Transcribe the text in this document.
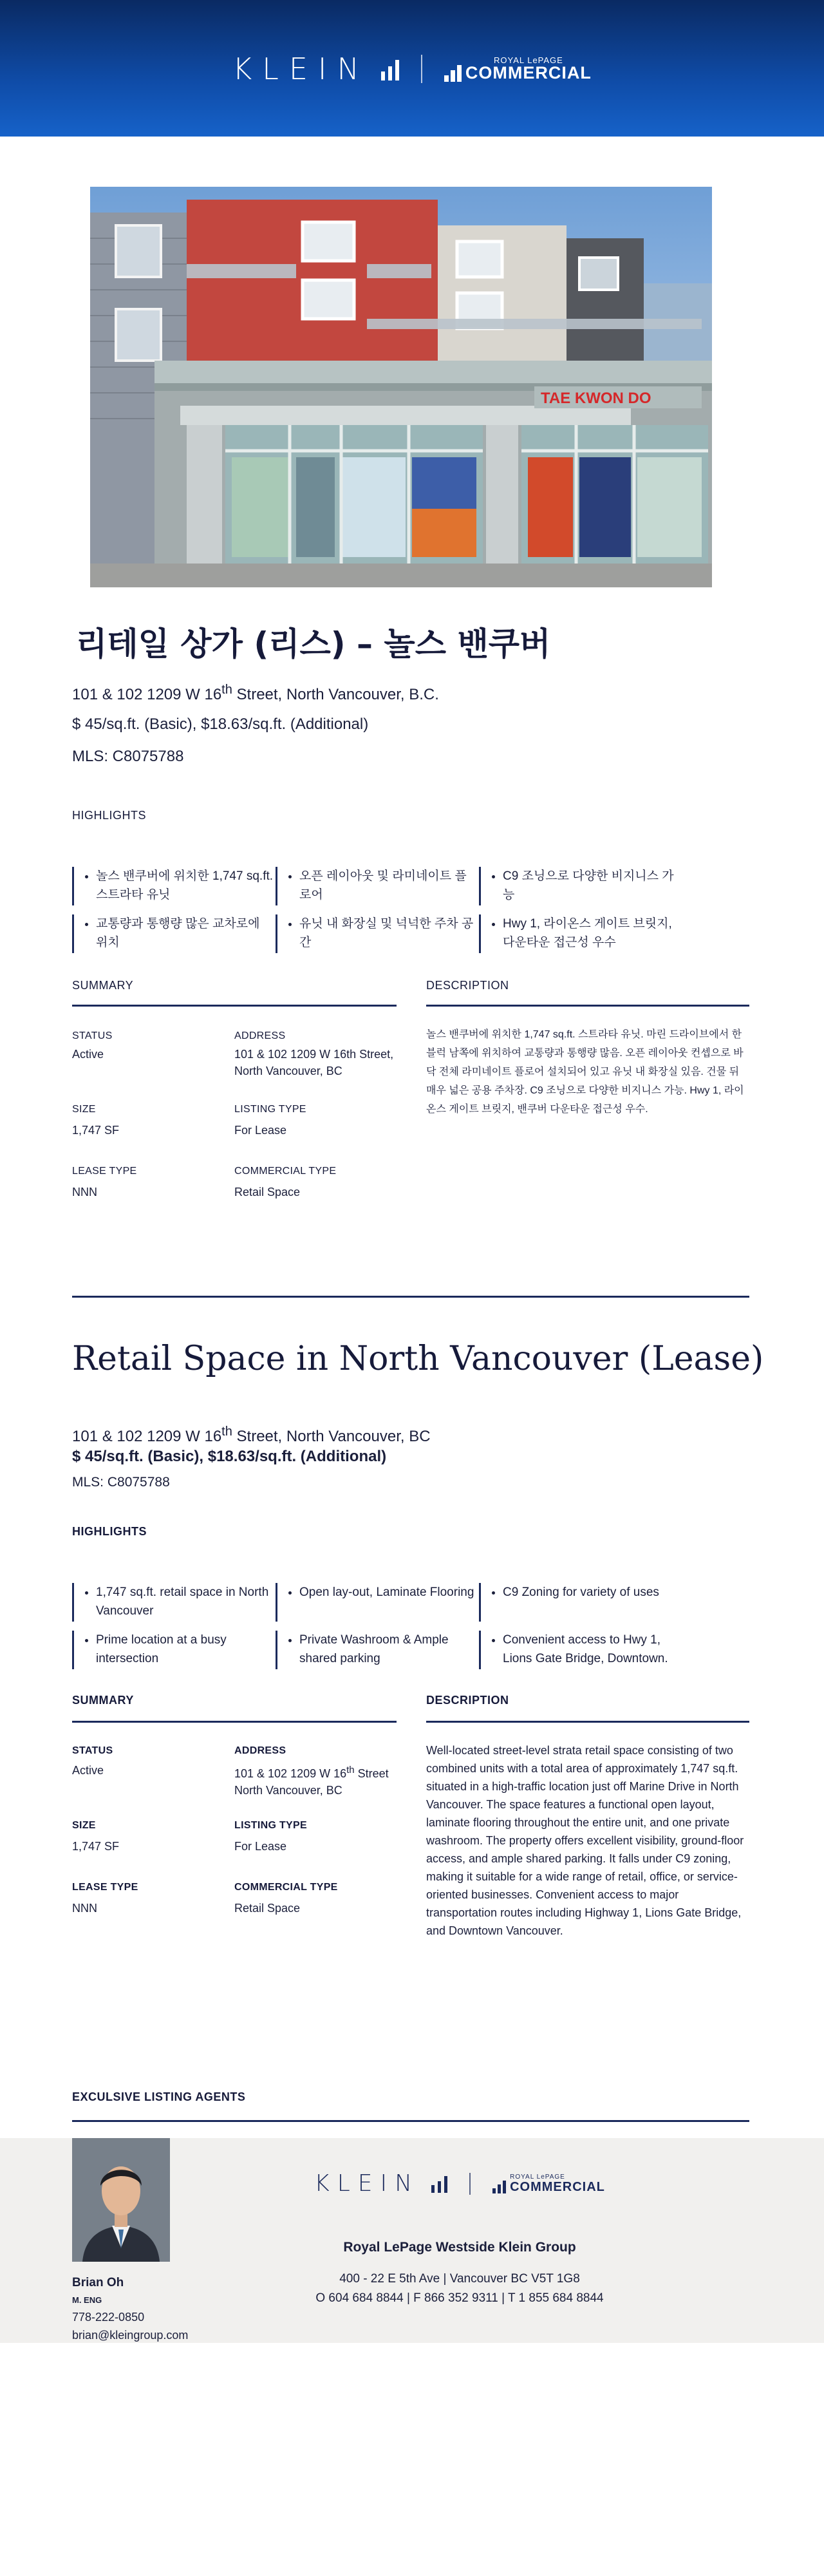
KLEIN	ROYAL LePAGE
COMMERCIAL
TAE KWON DO
리테일 상가 (리스) – 놀스 밴쿠버
101 & 102 1209 W 16th Street, North Vancouver, B.C.
$ 45/sq.ft. (Basic), $18.63/sq.ft. (Additional)
MLS: C8075788
HIGHLIGHTS
• 놀스 밴쿠버에 위치한 1,747 sq.ft. 스트라타 유닛
• 교통량과 통행량 많은 교차로에 위치
• 오픈 레이아웃 및 라미네이트 플로어
• 유닛 내 화장실 및 넉넉한 주차 공간
• C9 조닝으로 다양한 비지니스 가능
• Hwy 1, 라이온스 게이트 브릿지, 다운타운 접근성 우수
SUMMARY	DESCRIPTION
STATUS
Active
ADDRESS
101 & 102 1209 W 16th Street, North Vancouver, BC
SIZE
1,747 SF
LISTING TYPE
For Lease
LEASE TYPE
NNN
COMMERCIAL TYPE
Retail Space
놀스 밴쿠버에 위치한 1,747 sq.ft. 스트라타 유닛. 마린 드라이브에서 한 블럭 남쪽에 위치하여 교통량과 통행량 많음. 오픈 레이아웃 컨셉으로 바닥 전체 라미네이트 플로어 설치되어 있고 유닛 내 화장실 있음. 건물 뒤 매우 넓은 공용 주차장. C9 조닝으로 다양한 비지니스 가능. Hwy 1, 라이온스 게이트 브릿지, 밴쿠버 다운타운 접근성 우수.
Retail Space in North Vancouver (Lease)
101 & 102 1209 W 16th Street, North Vancouver, BC
$ 45/sq.ft. (Basic), $18.63/sq.ft. (Additional)
MLS: C8075788
HIGHLIGHTS
• 1,747 sq.ft. retail space in North Vancouver
• Prime location at a busy intersection
• Open lay-out, Laminate Flooring
• Private Washroom & Ample shared parking
• C9 Zoning for variety of uses
• Convenient access to Hwy 1, Lions Gate Bridge, Downtown.
SUMMARY	DESCRIPTION
STATUS
Active
ADDRESS
101 & 102 1209 W 16th Street
North Vancouver, BC
SIZE
1,747 SF
LISTING TYPE
For Lease
LEASE TYPE
NNN
COMMERCIAL TYPE
Retail Space
Well-located street-level strata retail space consisting of two combined units with a total area of approximately 1,747 sq.ft. situated in a high-traffic location just off Marine Drive in North Vancouver. The space features a functional open layout, laminate flooring throughout the entire unit, and one private washroom. The property offers excellent visibility, ground-floor access, and ample shared parking. It falls under C9 zoning, making it suitable for a wide range of retail, office, or service-oriented businesses. Convenient access to major transportation routes including Highway 1, Lions Gate Bridge, and Downtown Vancouver.
EXCULSIVE LISTING AGENTS
Brian Oh
M. ENG
778-222-0850
brian@kleingroup.com
KLEIN	ROYAL LePAGE
COMMERCIAL
Royal LePage Westside Klein Group
400 - 22 E 5th Ave | Vancouver BC V5T 1G8
O 604 684 8844 | F 866 352 9311 | T 1 855 684 8844
